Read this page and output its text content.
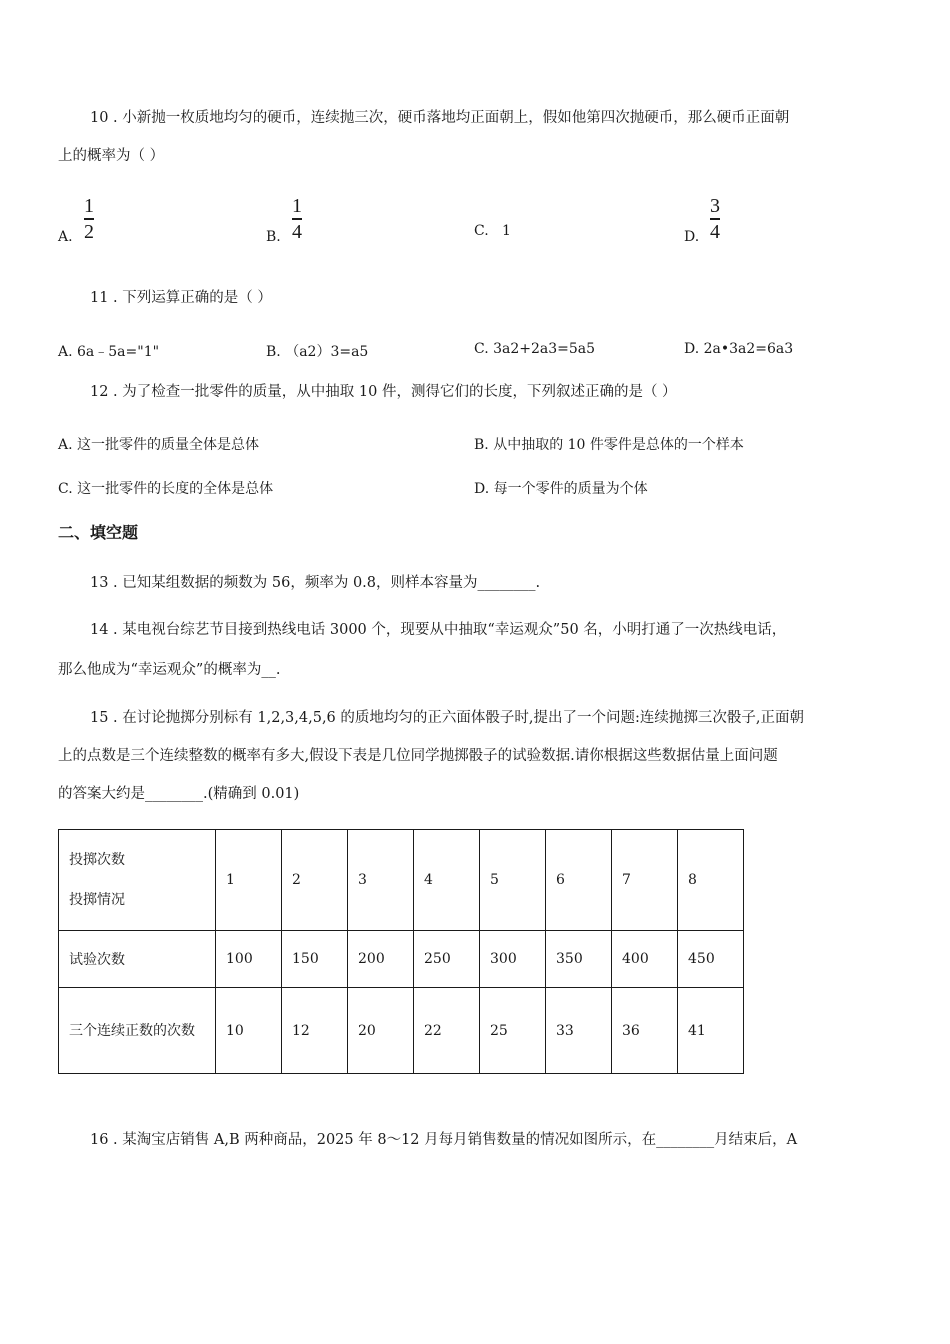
10 . 小新抛一枚质地均匀的硬币，连续抛三次，硬币落地均正面朝上，假如他第四次抛硬币，那么硬币正面朝
上的概率为（ ）
A.
1
2	B.
1
4	C. 1	D.
3
4
11 . 下列运算正确的是（ ）
A. 6a﹣5a="1"	B. （a2）3=a5	C. 3a2+2a3=5a5	D. 2a•3a2=6a3
12 . 为了检查一批零件的质量，从中抽取 10 件，测得它们的长度，下列叙述正确的是（ ）
A. 这一批零件的质量全体是总体	B. 从中抽取的 10 件零件是总体的一个样本
C. 这一批零件的长度的全体是总体	D. 每一个零件的质量为个体
二、填空题
13 . 已知某组数据的频数为 56，频率为 0.8，则样本容量为________.
14 . 某电视台综艺节目接到热线电话 3000 个，现要从中抽取“幸运观众”50 名，小明打通了一次热线电话，
那么他成为“幸运观众”的概率为__.
15 . 在讨论抛掷分别标有 1,2,3,4,5,6 的质地均匀的正六面体骰子时,提出了一个问题:连续抛掷三次骰子,正面朝
上的点数是三个连续整数的概率有多大,假设下表是几位同学抛掷骰子的试验数据.请你根据这些数据估量上面问题
的答案大约是________.(精确到 0.01)
投掷次数
投掷情况	1	2	3	4	5	6	7	8
试验次数	100	150	200	250	300	350	400	450
三个连续正数的次数	10	12	20	22	25	33	36	41
16 . 某淘宝店销售 A,B 两种商品，2025 年 8～12 月每月销售数量的情况如图所示，在________月结束后，A
